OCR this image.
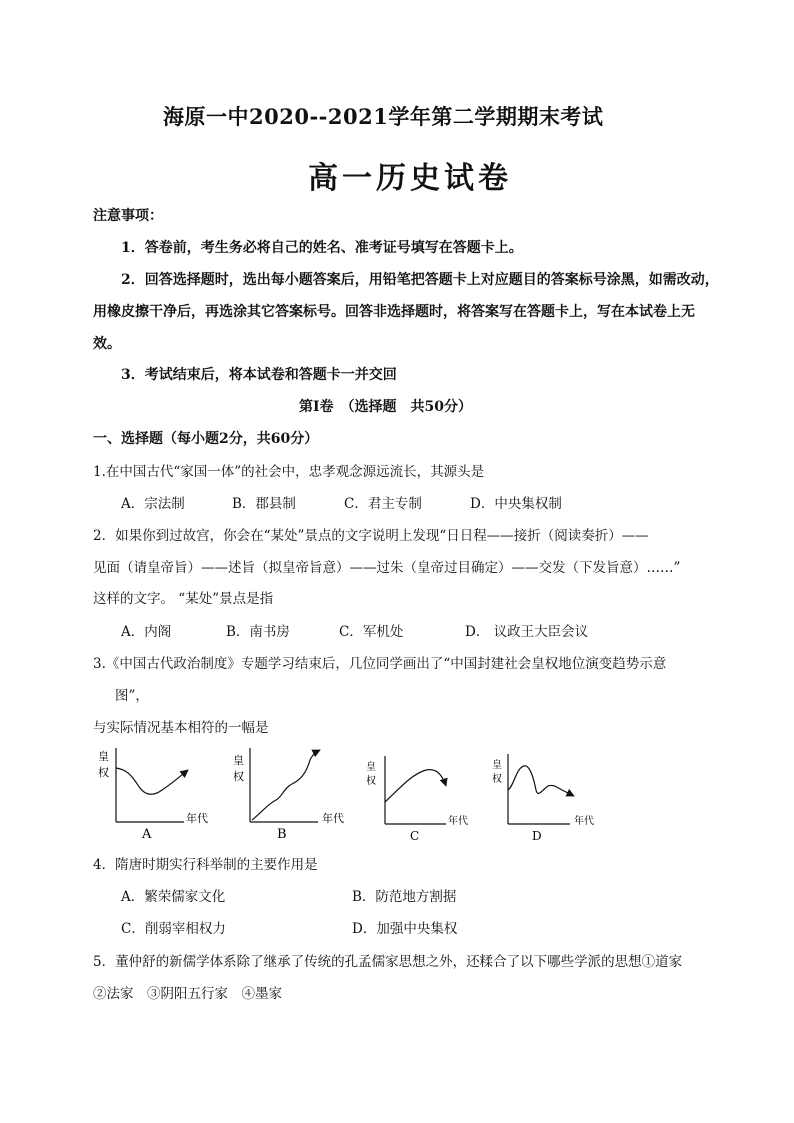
海原一中2020--2021学年第二学期期末考试
高一历史试卷
注意事项：
1．答卷前，考生务必将自己的姓名、准考证号填写在答题卡上。
2．回答选择题时，选出每小题答案后，用铅笔把答题卡上对应题目的答案标号涂黑，如需改动，
用橡皮擦干净后，再选涂其它答案标号。回答非选择题时，将答案写在答题卡上，写在本试卷上无
效。
3．考试结束后，将本试卷和答题卡一并交回
第Ⅰ卷　（选择题　共50分）
一、选择题（每小题2分，共60分）
1.在中国古代“家国一体”的社会中，忠孝观念源远流长，其源头是
A．宗法制	B．郡县制	C．君主专制	D．中央集权制
2．如果你到过故宫，你会在“某处”景点的文字说明上发现“日日程——接折（阅读奏折）——
见面（请皇帝旨）——述旨（拟皇帝旨意）——过朱（皇帝过目确定）——交发（下发旨意）……”
这样的文字。 “某处”景点是指
A．内阁	B．南书房	C．军机处	D． 议政王大臣会议
3.《中国古代政治制度》专题学习结束后，几位同学画出了“中国封建社会皇权地位演变趋势示意
图”，
与实际情况基本相符的一幅是
皇
权
年代
A
皇
权
年代
B
皇
权
年代
C
皇
权
年代
D
4．隋唐时期实行科举制的主要作用是
A．繁荣儒家文化	B．防范地方割据
C．削弱宰相权力	D．加强中央集权
5．董仲舒的新儒学体系除了继承了传统的孔孟儒家思想之外，还糅合了以下哪些学派的思想①道家
②法家　③阴阳五行家　④墨家
